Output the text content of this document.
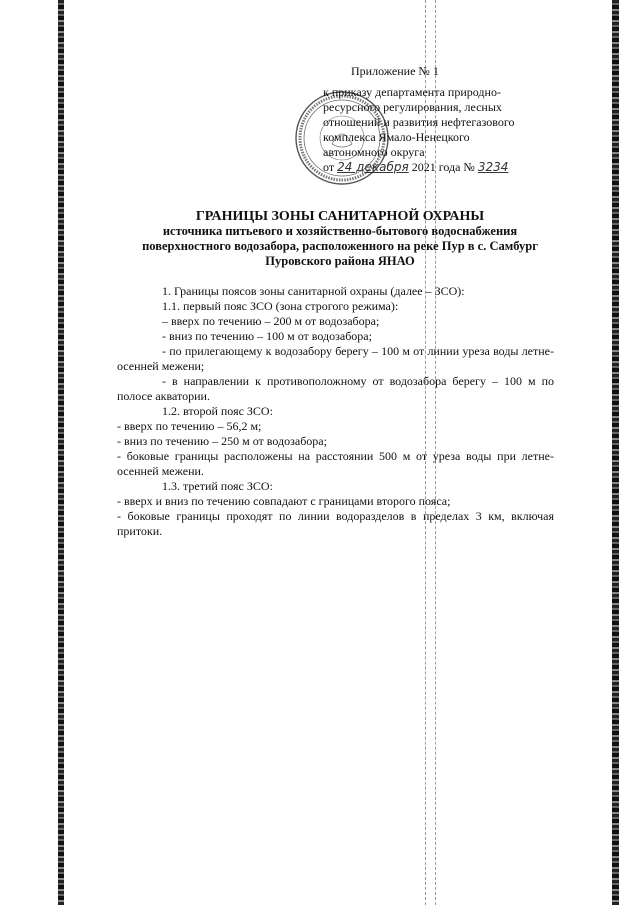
Приложение № 1
к приказу департамента природно-
ресурсного регулирования, лесных
отношений и развития нефтегазового
комплекса Ямало-Ненецкого
автономного округа
от 24 декабря 2021 года № 3234
ГРАНИЦЫ ЗОНЫ САНИТАРНОЙ ОХРАНЫ
источника питьевого и хозяйственно-бытового водоснабжения
поверхностного водозабора, расположенного на реке Пур в с. Самбург
Пуровского района ЯНАО

1. Границы поясов зоны санитарной охраны (далее – ЗСО):

1.1. первый пояс ЗСО (зона строгого режима):

– вверх по течению – 200 м от водозабора;

- вниз по течению – 100 м от водозабора;

- по прилегающему к водозабору берегу – 100 м от линии уреза воды летне-осенней межени;

- в направлении к противоположному от водозабора берегу – 100 м по полосе акватории.

1.2. второй пояс ЗСО:

- вверх по течению – 56,2 м;

- вниз по течению – 250 м от водозабора;

- боковые границы расположены на расстоянии 500 м от уреза воды при летне-осенней межени.

1.3. третий пояс ЗСО:

- вверх и вниз по течению совпадают с границами второго пояса;

- боковые границы проходят по линии водоразделов в пределах 3 км, включая притоки.
